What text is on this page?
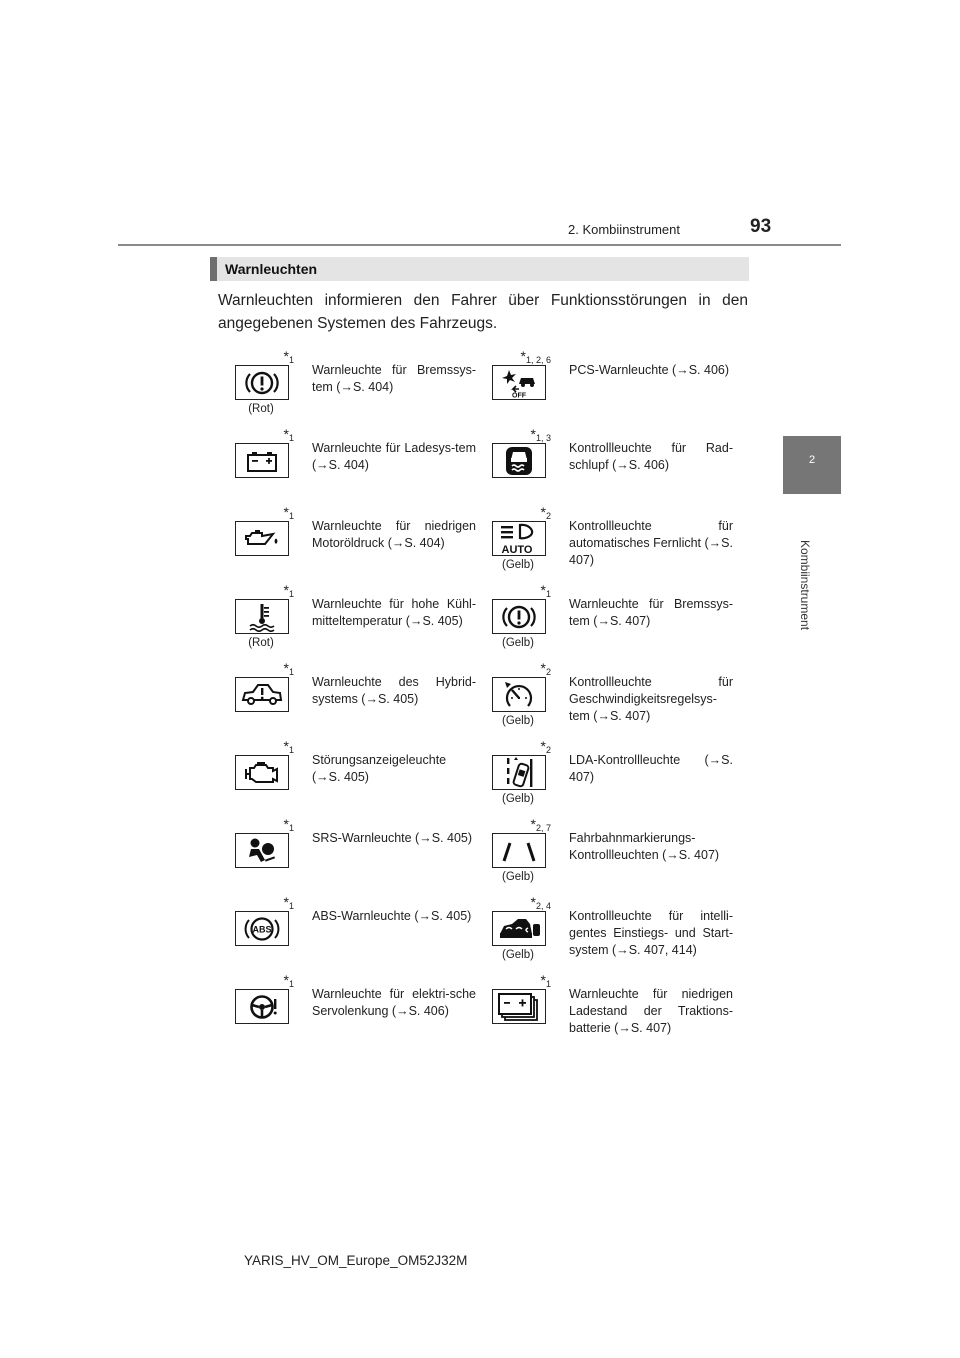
2. Kombiinstrument	93
2
Kombiinstrument
Warnleuchten
Warnleuchten informieren den Fahrer über Funktionsstörungen in den angegebenen Systemen des Fahrzeugs.
$*_1$
(Rot)
Warnleuchte für Bremssys-tem (→S. 404)
$*_{1, 2, 6}$
OFF
PCS-Warnleuchte (→S. 406)
$*_1$
Warnleuchte für Ladesys-tem (→S. 404)
$*_{1, 3}$
Kontrollleuchte für Rad-schlupf (→S. 406)
$*_1$
Warnleuchte für niedrigen Motoröldruck (→S. 404)
$*_2$
AUTO
(Gelb)
Kontrollleuchte für automatisches Fernlicht (→S. 407)
$*_1$
(Rot)
Warnleuchte für hohe Kühl-mitteltemperatur (→S. 405)
$*_1$
(Gelb)
Warnleuchte für Bremssys-tem (→S. 407)
$*_1$
Warnleuchte des Hybrid-systems (→S. 405)
$*_2$
(Gelb)
Kontrollleuchte für Geschwindigkeitsregelsys-tem (→S. 407)
$*_1$
Störungsanzeigeleuchte (→S. 405)
$*_2$
(Gelb)
LDA-Kontrollleuchte (→S. 407)
$*_1$
SRS-Warnleuchte (→S. 405)
$*_{2, 7}$
(Gelb)
Fahrbahnmarkierungs-Kontrollleuchten (→S. 407)
$*_1$
ABS
ABS-Warnleuchte (→S. 405)
$*_{2, 4}$
(Gelb)
Kontrollleuchte für intelli-gentes Einstiegs- und Start-system (→S. 407, 414)
$*_1$
Warnleuchte für elektri-sche Servolenkung (→S. 406)
$*_1$
Warnleuchte für niedrigen Ladestand der Traktions-batterie (→S. 407)
YARIS_HV_OM_Europe_OM52J32M
